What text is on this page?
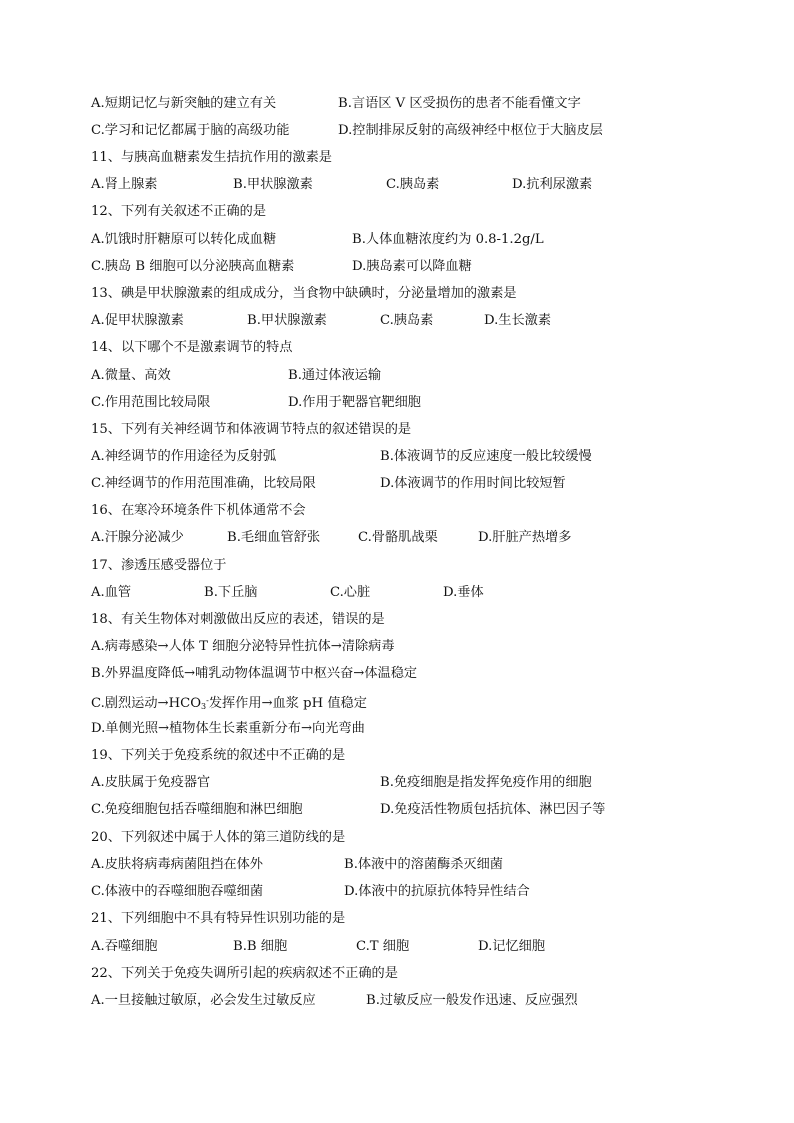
A.短期记忆与新突触的建立有关	B.言语区 V 区受损伤的患者不能看懂文字
C.学习和记忆都属于脑的高级功能	D.控制排尿反射的高级神经中枢位于大脑皮层
11、与胰高血糖素发生拮抗作用的激素是
A.肾上腺素	B.甲状腺激素	C.胰岛素	D.抗利尿激素
12、下列有关叙述不正确的是
A.饥饿时肝糖原可以转化成血糖	B.人体血糖浓度约为 0.8-1.2g/L
C.胰岛 B 细胞可以分泌胰高血糖素	D.胰岛素可以降血糖
13、碘是甲状腺激素的组成成分，当食物中缺碘时，分泌量增加的激素是
A.促甲状腺激素	B.甲状腺激素	C.胰岛素	D.生长激素
14、以下哪个不是激素调节的特点
A.微量、高效	B.通过体液运输
C.作用范围比较局限	D.作用于靶器官靶细胞
15、下列有关神经调节和体液调节特点的叙述错误的是
A.神经调节的作用途径为反射弧	B.体液调节的反应速度一般比较缓慢
C.神经调节的作用范围准确，比较局限	D.体液调节的作用时间比较短暂
16、在寒冷环境条件下机体通常不会
A.汗腺分泌减少	B.毛细血管舒张	C.骨骼肌战栗	D.肝脏产热增多
17、渗透压感受器位于
A.血管	B.下丘脑	C.心脏	D.垂体
18、有关生物体对刺激做出反应的表述，错误的是
A.病毒感染→人体 T 细胞分泌特异性抗体→清除病毒
B.外界温度降低→哺乳动物体温调节中枢兴奋→体温稳定
C.剧烈运动$\to HCO_3^-$发挥作用→血浆 pH 值稳定
D.单侧光照→植物体生长素重新分布→向光弯曲
19、下列关于免疫系统的叙述中不正确的是
A.皮肤属于免疫器官	B.免疫细胞是指发挥免疫作用的细胞
C.免疫细胞包括吞噬细胞和淋巴细胞	D.免疫活性物质包括抗体、淋巴因子等
20、下列叙述中属于人体的第三道防线的是
A.皮肤将病毒病菌阻挡在体外	B.体液中的溶菌酶杀灭细菌
C.体液中的吞噬细胞吞噬细菌	D.体液中的抗原抗体特异性结合
21、下列细胞中不具有特异性识别功能的是
A.吞噬细胞	B.B 细胞	C.T 细胞	D.记忆细胞
22、下列关于免疫失调所引起的疾病叙述不正确的是
A.一旦接触过敏原，必会发生过敏反应	B.过敏反应一般发作迅速、反应强烈
